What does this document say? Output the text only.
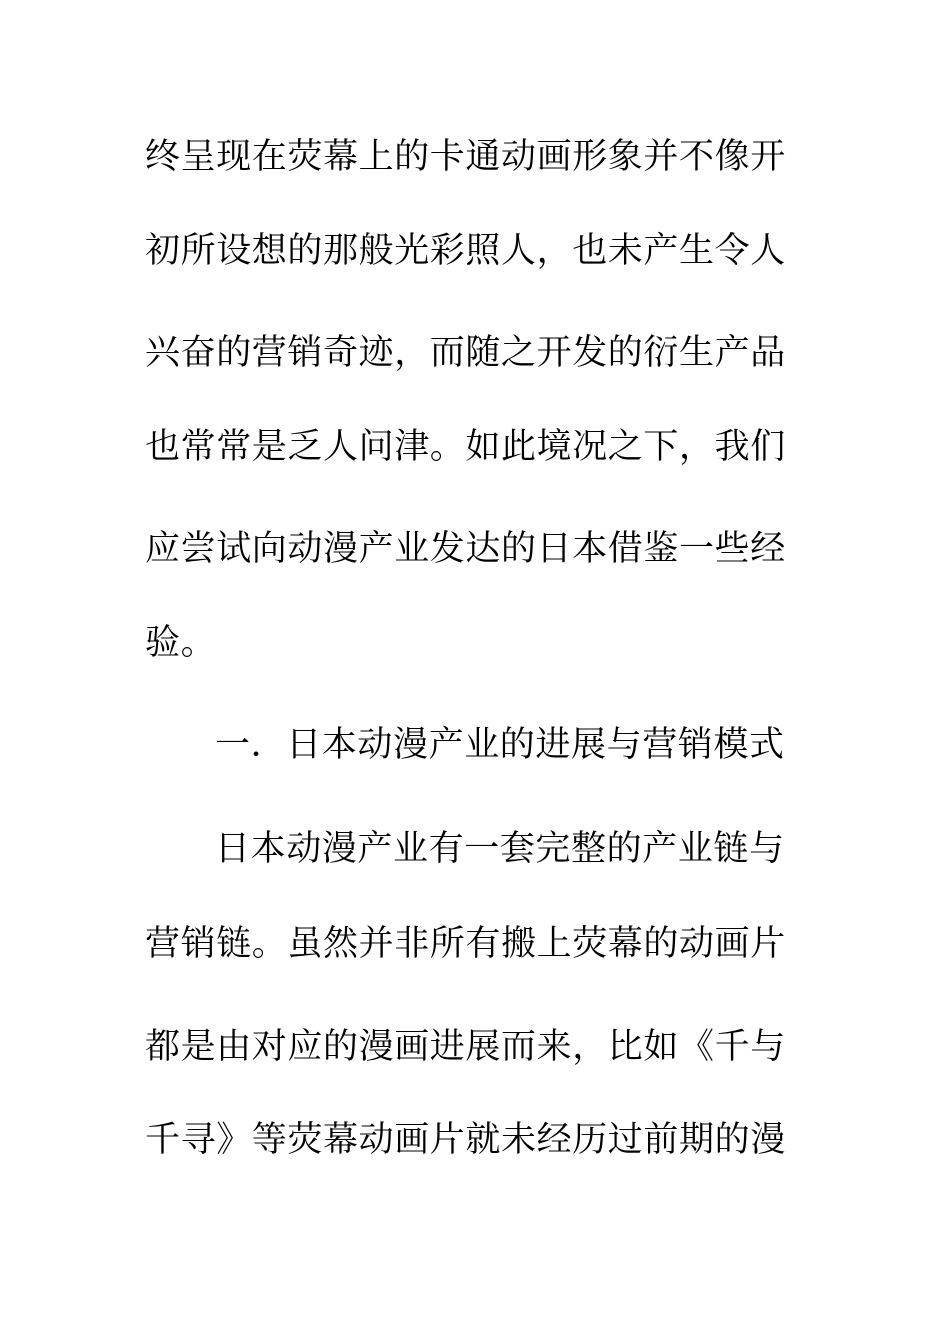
终呈现在荧幕上的卡通动画形象并不像开
初所设想的那般光彩照人，也未产生令人
兴奋的营销奇迹，而随之开发的衍生产品
也常常是乏人问津。如此境况之下，我们
应尝试向动漫产业发达的日本借鉴一些经
验。
一．日本动漫产业的进展与营销模式
日本动漫产业有一套完整的产业链与
营销链。虽然并非所有搬上荧幕的动画片
都是由对应的漫画进展而来，比如《千与
千寻》等荧幕动画片就未经历过前期的漫
